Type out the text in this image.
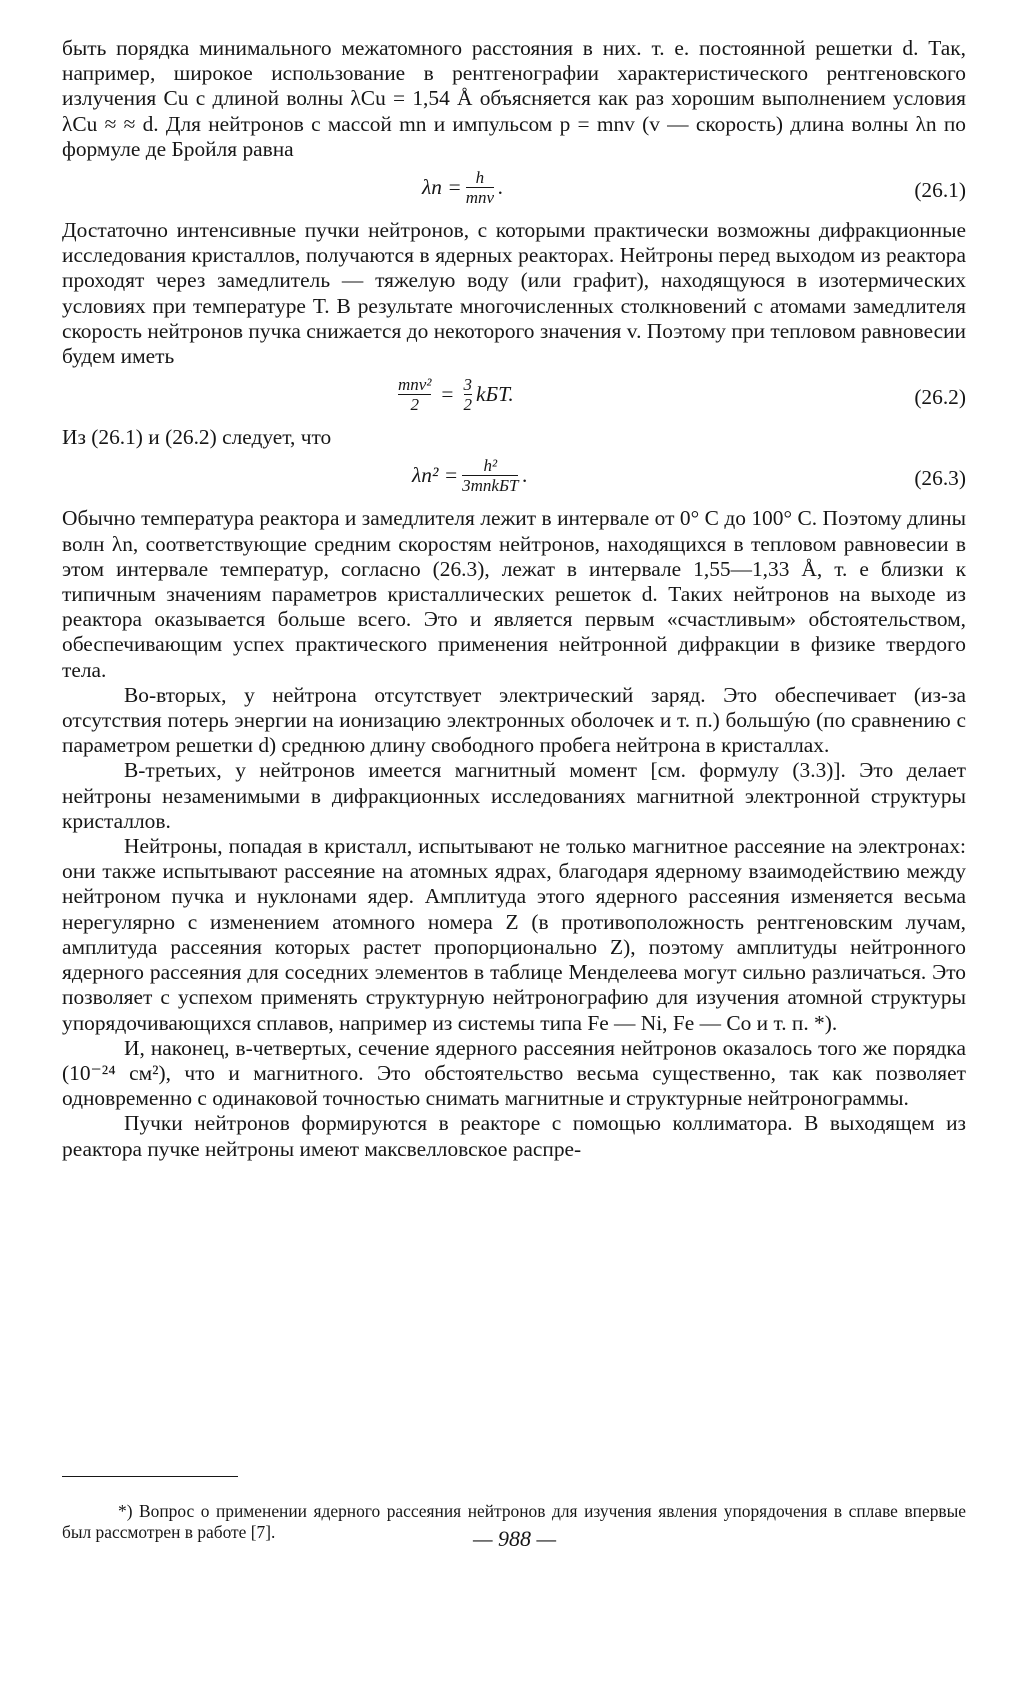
быть порядка минимального межатомного расстояния в них. т. е. постоянной решетки d. Так, например, широкое использование в рентгенографии характеристического рентгеновского излучения Cu с длиной волны λCu = 1,54 Å объясняется как раз хорошим выполнением условия λCu ≈ ≈ d. Для нейтронов с массой mn и импульсом p = mnv (v — скорость) длина волны λn по формуле де Бройля равна

$\lambda n = \frac{h}{\text{mnv}}$ .	(26.1)

Достаточно интенсивные пучки нейтронов, с которыми практически возможны дифракционные исследования кристаллов, получаются в ядерных реакторах. Нейтроны перед выходом из реактора проходят через замедлитель — тяжелую воду (или графит), находящуюся в изотермических условиях при температуре T. В результате многочисленных столкновений с атомами замедлителя скорость нейтронов пучка снижается до некоторого значения v. Поэтому при тепловом равновесии будем иметь

$\frac{\text{mnv²}}{2} = \frac{3}{2}$ kБT.	(26.2)

Из (26.1) и (26.2) следует, что

$\lambda n^2 = \frac{\text{h²}}{\text{3mnkБT}}$ .	(26.3)

Обычно температура реактора и замедлителя лежит в интервале от 0° С до 100° С. Поэтому длины волн λn, соответствующие средним скоростям нейтронов, находящихся в тепловом равновесии в этом интервале температур, согласно (26.3), лежат в интервале 1,55—1,33 Å, т. е близки к типичным значениям параметров кристаллических решеток d. Таких нейтронов на выходе из реактора оказывается больше всего. Это и является первым «счастливым» обстоятельством, обеспечивающим успех практического применения нейтронной дифракции в физике твердого тела.

Во-вторых, у нейтрона отсутствует электрический заряд. Это обеспечивает (из-за отсутствия потерь энергии на ионизацию электронных оболочек и т. п.) большýю (по сравнению с параметром решетки d) среднюю длину свободного пробега нейтрона в кристаллах.

В-третьих, у нейтронов имеется магнитный момент [см. формулу (3.3)]. Это делает нейтроны незаменимыми в дифракционных исследованиях магнитной электронной структуры кристаллов.

Нейтроны, попадая в кристалл, испытывают не только магнитное рассеяние на электронах: они также испытывают рассеяние на атомных ядрах, благодаря ядерному взаимодействию между нейтроном пучка и нуклонами ядер. Амплитуда этого ядерного рассеяния изменяется весьма нерегулярно с изменением атомного номера Z (в противоположность рентгеновским лучам, амплитуда рассеяния которых растет пропорционально Z), поэтому амплитуды нейтронного ядерного рассеяния для соседних элементов в таблице Менделеева могут сильно различаться. Это позволяет с успехом применять структурную нейтронографию для изучения атомной структуры упорядочивающихся сплавов, например из системы типа Fe — Ni, Fe — Co и т. п. *).

И, наконец, в-четвертых, сечение ядерного рассеяния нейтронов оказалось того же порядка (10⁻²⁴ см²), что и магнитного. Это обстоятельство весьма существенно, так как позволяет одновременно с одинаковой точностью снимать магнитные и структурные нейтронограммы.

Пучки нейтронов формируются в реакторе с помощью коллиматора. В выходящем из реактора пучке нейтроны имеют максвелловское распре-

*) Вопрос о применении ядерного рассеяния нейтронов для изучения явления упорядочения в сплаве впервые был рассмотрен в работе [7].	— 988 —
